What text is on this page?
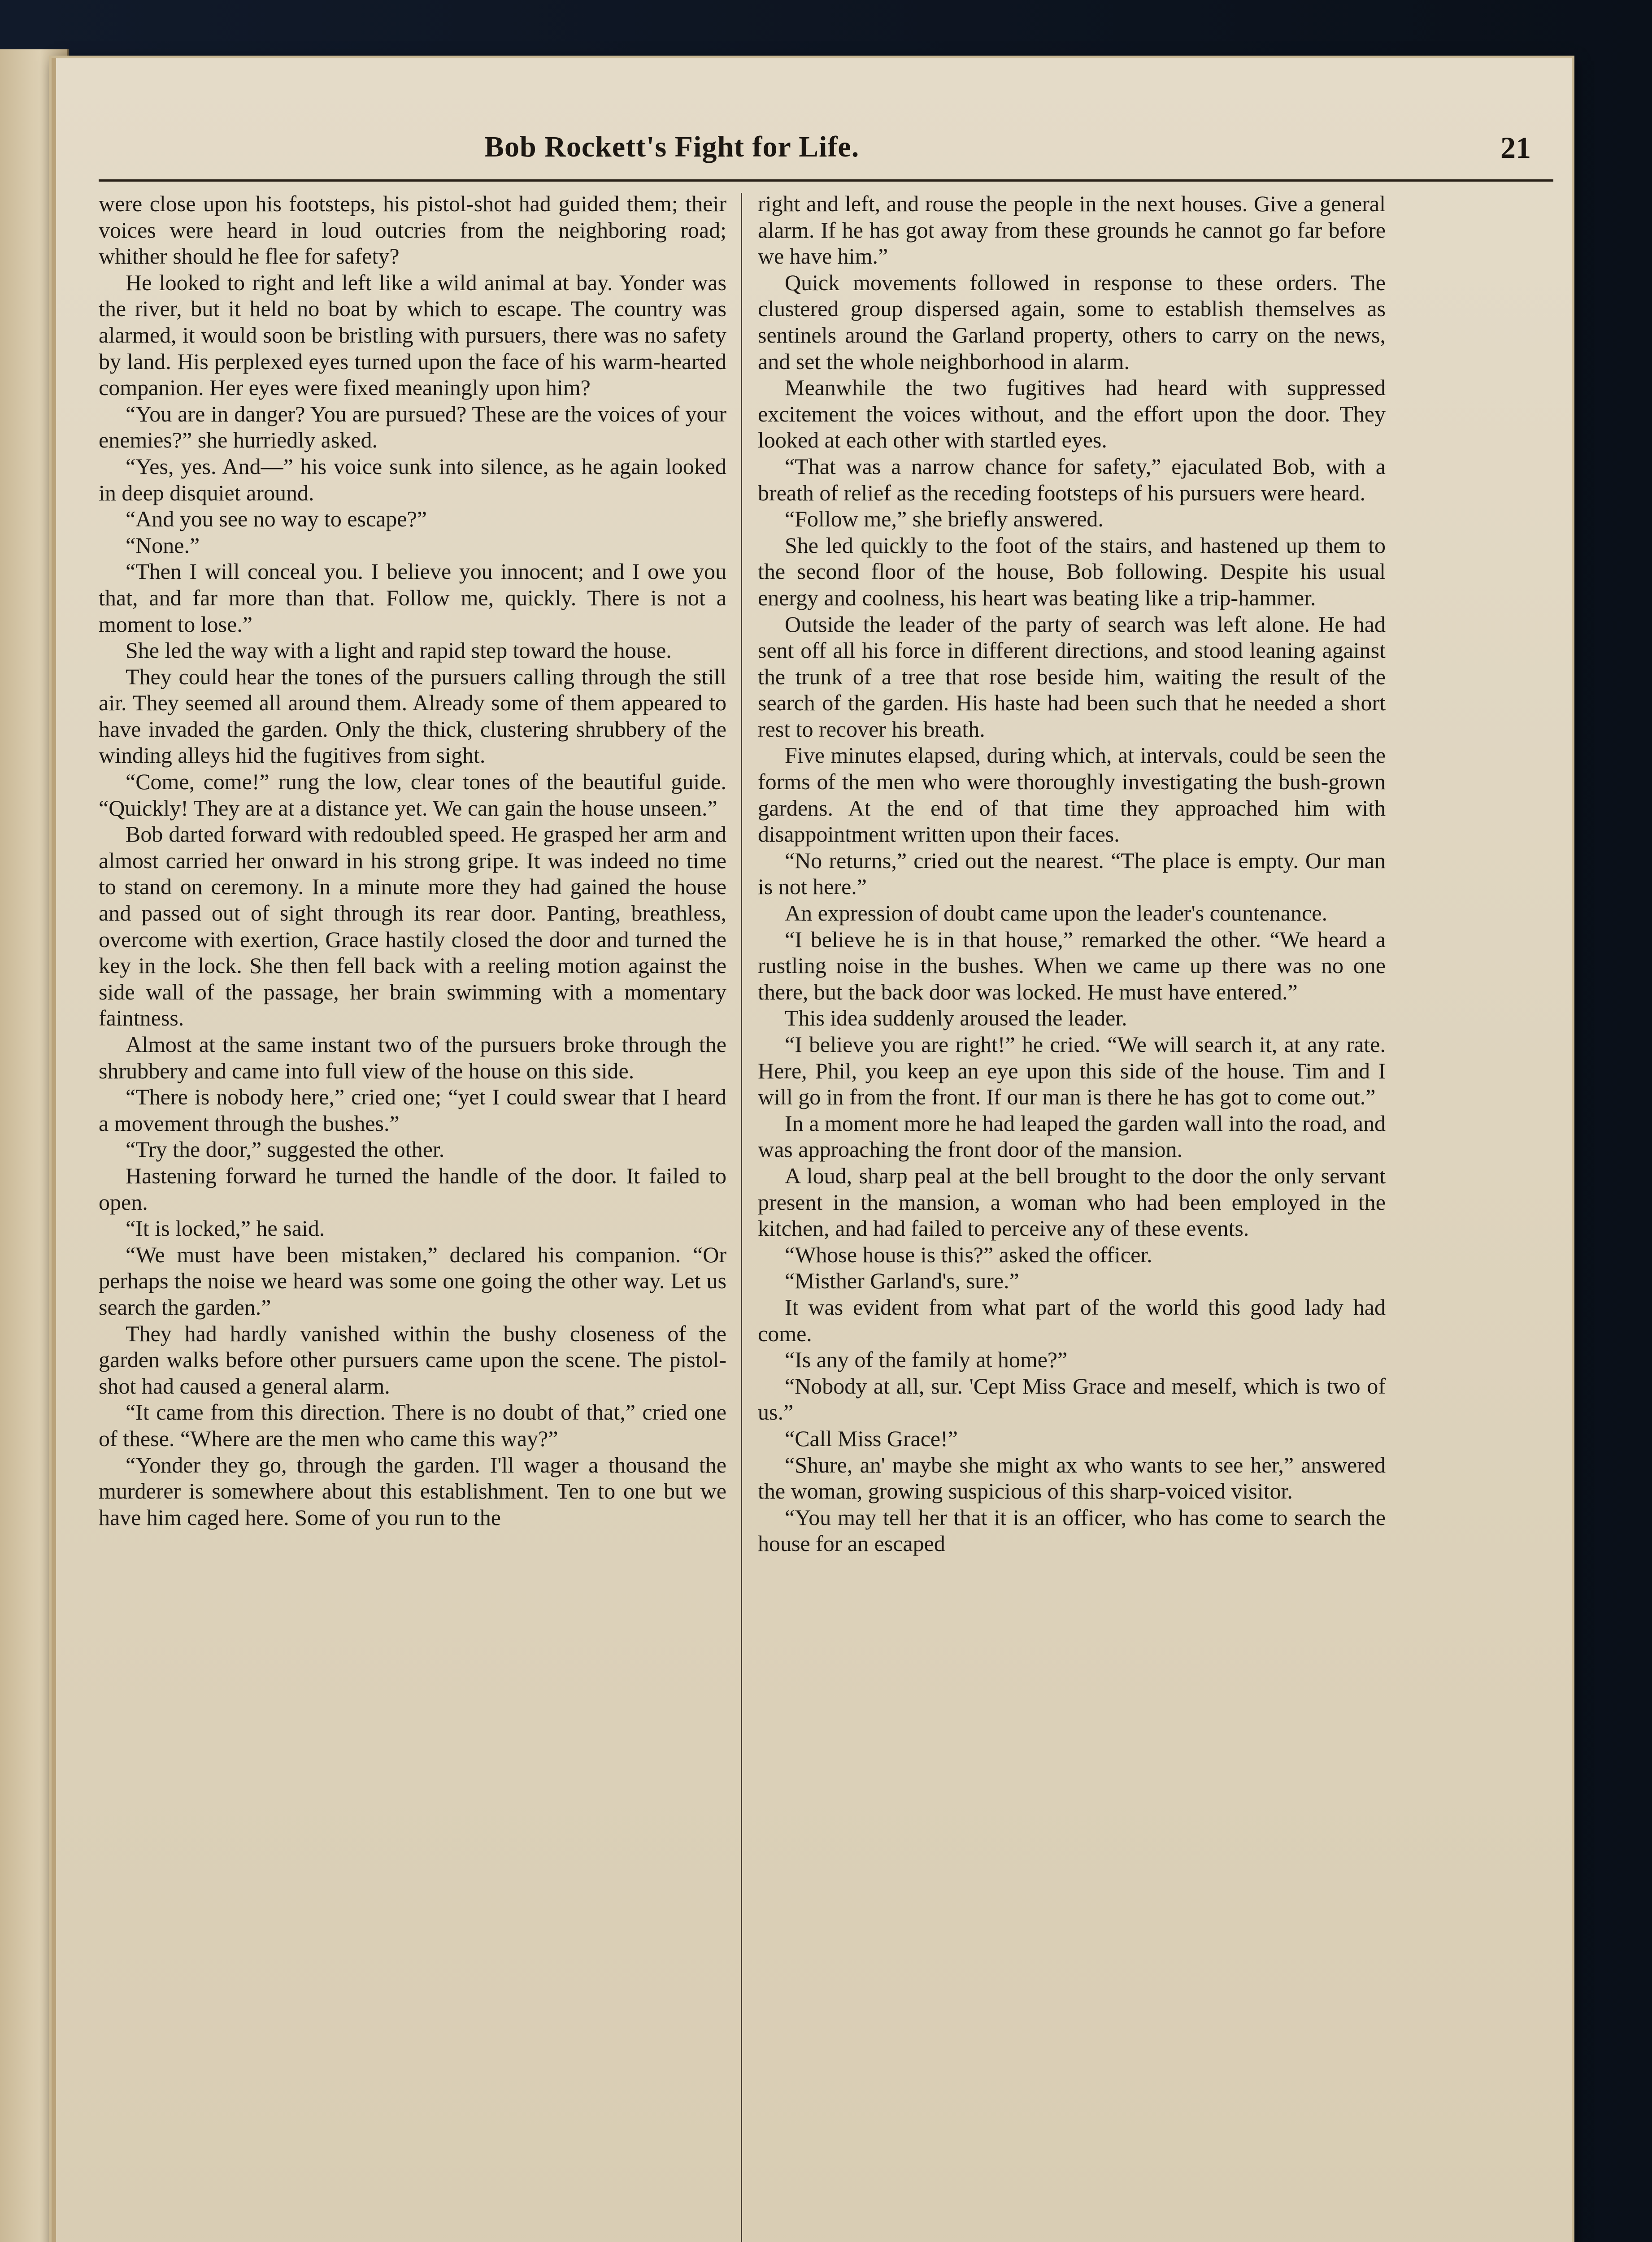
Bob Rockett's Fight for Life.	21

were close upon his footsteps, his pistol-shot had guided them; their voices were heard in loud outcries from the neighboring road; whither should he flee for safety?

He looked to right and left like a wild animal at bay. Yonder was the river, but it held no boat by which to escape. The country was alarmed, it would soon be bristling with pursuers, there was no safety by land. His perplexed eyes turned upon the face of his warm-hearted companion. Her eyes were fixed meaningly upon him?

“You are in danger? You are pursued? These are the voices of your enemies?” she hurriedly asked.

“Yes, yes. And—” his voice sunk into silence, as he again looked in deep disquiet around.

“And you see no way to escape?”

“None.”

“Then I will conceal you. I believe you innocent; and I owe you that, and far more than that. Follow me, quickly. There is not a moment to lose.”

She led the way with a light and rapid step toward the house.

They could hear the tones of the pursuers calling through the still air. They seemed all around them. Already some of them appeared to have invaded the garden. Only the thick, clustering shrubbery of the winding alleys hid the fugitives from sight.

“Come, come!” rung the low, clear tones of the beautiful guide. “Quickly! They are at a distance yet. We can gain the house unseen.”

Bob darted forward with redoubled speed. He grasped her arm and almost carried her onward in his strong gripe. It was indeed no time to stand on ceremony. In a minute more they had gained the house and passed out of sight through its rear door. Panting, breathless, overcome with exertion, Grace hastily closed the door and turned the key in the lock. She then fell back with a reeling motion against the side wall of the passage, her brain swimming with a momentary faintness.

Almost at the same instant two of the pursuers broke through the shrubbery and came into full view of the house on this side.

“There is nobody here,” cried one; “yet I could swear that I heard a movement through the bushes.”

“Try the door,” suggested the other.

Hastening forward he turned the handle of the door. It failed to open.

“It is locked,” he said.

“We must have been mistaken,” declared his companion. “Or perhaps the noise we heard was some one going the other way. Let us search the garden.”

They had hardly vanished within the bushy closeness of the garden walks before other pursuers came upon the scene. The pistol-shot had caused a general alarm.

“It came from this direction. There is no doubt of that,” cried one of these. “Where are the men who came this way?”

“Yonder they go, through the garden. I'll wager a thousand the murderer is somewhere about this establishment. Ten to one but we have him caged here. Some of you run to the

right and left, and rouse the people in the next houses. Give a general alarm. If he has got away from these grounds he cannot go far before we have him.”

Quick movements followed in response to these orders. The clustered group dispersed again, some to establish themselves as sentinels around the Garland property, others to carry on the news, and set the whole neighborhood in alarm.

Meanwhile the two fugitives had heard with suppressed excitement the voices without, and the effort upon the door. They looked at each other with startled eyes.

“That was a narrow chance for safety,” ejaculated Bob, with a breath of relief as the receding footsteps of his pursuers were heard.

“Follow me,” she briefly answered.

She led quickly to the foot of the stairs, and hastened up them to the second floor of the house, Bob following. Despite his usual energy and coolness, his heart was beating like a trip-hammer.

Outside the leader of the party of search was left alone. He had sent off all his force in different directions, and stood leaning against the trunk of a tree that rose beside him, waiting the result of the search of the garden. His haste had been such that he needed a short rest to recover his breath.

Five minutes elapsed, during which, at intervals, could be seen the forms of the men who were thoroughly investigating the bush-grown gardens. At the end of that time they approached him with disappointment written upon their faces.

“No returns,” cried out the nearest. “The place is empty. Our man is not here.”

An expression of doubt came upon the leader's countenance.

“I believe he is in that house,” remarked the other. “We heard a rustling noise in the bushes. When we came up there was no one there, but the back door was locked. He must have entered.”

This idea suddenly aroused the leader.

“I believe you are right!” he cried. “We will search it, at any rate. Here, Phil, you keep an eye upon this side of the house. Tim and I will go in from the front. If our man is there he has got to come out.”

In a moment more he had leaped the garden wall into the road, and was approaching the front door of the mansion.

A loud, sharp peal at the bell brought to the door the only servant present in the mansion, a woman who had been employed in the kitchen, and had failed to perceive any of these events.

“Whose house is this?” asked the officer.

“Misther Garland's, sure.”

It was evident from what part of the world this good lady had come.

“Is any of the family at home?”

“Nobody at all, sur. 'Cept Miss Grace and meself, which is two of us.”

“Call Miss Grace!”

“Shure, an' maybe she might ax who wants to see her,” answered the woman, growing suspicious of this sharp-voiced visitor.

“You may tell her that it is an officer, who has come to search the house for an escaped
